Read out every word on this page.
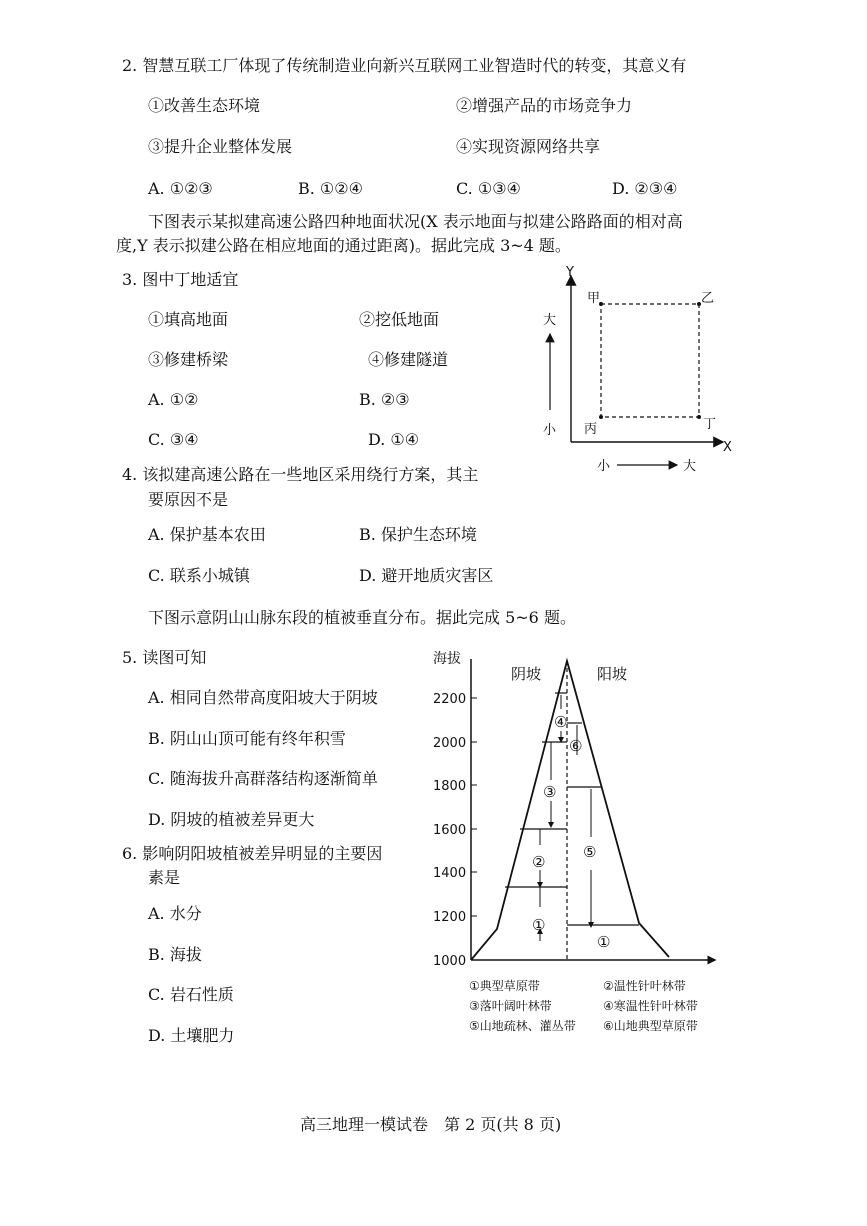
2. 智慧互联工厂体现了传统制造业向新兴互联网工业智造时代的转变，其意义有
①改善生态环境	②增强产品的市场竞争力
③提升企业整体发展	④实现资源网络共享
A. ①②③	B. ①②④	C. ①③④	D. ②③④
下图表示某拟建高速公路四种地面状况(X 表示地面与拟建公路路面的相对高
度,Y 表示拟建公路在相应地面的通过距离)。据此完成 3~4 题。
3. 图中丁地适宜
①填高地面	②挖低地面
③修建桥梁	④修建隧道
A. ①②	B. ②③
C. ③④	D. ①④
Y
X
甲	乙
丙	丁
大
小
小	大
4. 该拟建高速公路在一些地区采用绕行方案，其主
要原因不是
A. 保护基本农田	B. 保护生态环境
C. 联系小城镇	D. 避开地质灾害区
下图示意阴山山脉东段的植被垂直分布。据此完成 5~6 题。
5. 读图可知
A. 相同自然带高度阳坡大于阴坡
B. 阴山山顶可能有终年积雪
C. 随海拔升高群落结构逐渐简单
D. 阴坡的植被差异更大
6. 影响阴阳坡植被差异明显的主要因
素是
A. 水分
B. 海拔
C. 岩石性质
D. 土壤肥力
海拔
阴坡	阳坡
2200
2000
1800
1600
1400
1200
1000
①
②
③
④
①
⑤
⑥
①典型草原带	②温性针叶林带
③落叶阔叶林带	④寒温性针叶林带
⑤山地疏林、灌丛带 ⑥山地典型草原带
高三地理一模试卷　第 2 页(共 8 页)
